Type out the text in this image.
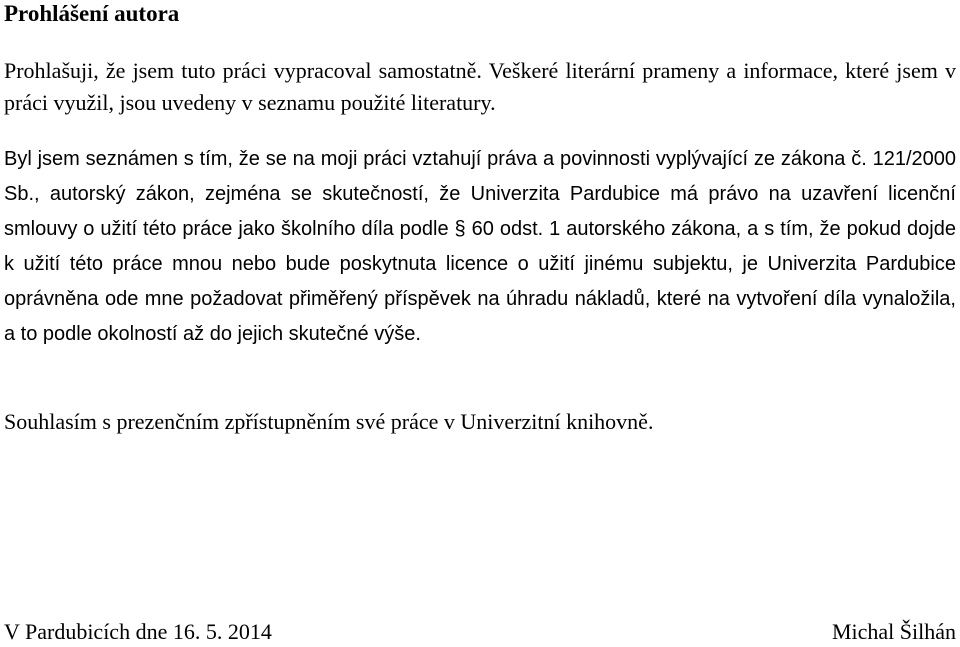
Prohlášení autora

Prohlašuji, že jsem tuto práci vypracoval samostatně. Veškeré literární prameny a informace, které jsem v práci využil, jsou uvedeny v seznamu použité literatury.

Byl jsem seznámen s tím, že se na moji práci vztahují práva a povinnosti vyplývající ze zákona č. 121/2000 Sb., autorský zákon, zejména se skutečností, že Univerzita Pardubice má právo na uzavření licenční smlouvy o užití této práce jako školního díla podle § 60 odst. 1 autorského zákona, a s tím, že pokud dojde k užití této práce mnou nebo bude poskytnuta licence o užití jinému subjektu, je Univerzita Pardubice oprávněna ode mne požadovat přiměřený příspěvek na úhradu nákladů, které na vytvoření díla vynaložila, a to podle okolností až do jejich skutečné výše.

Souhlasím s prezenčním zpřístupněním své práce v Univerzitní knihovně.

V Pardubicích dne 16. 5. 2014	Michal Šilhán
